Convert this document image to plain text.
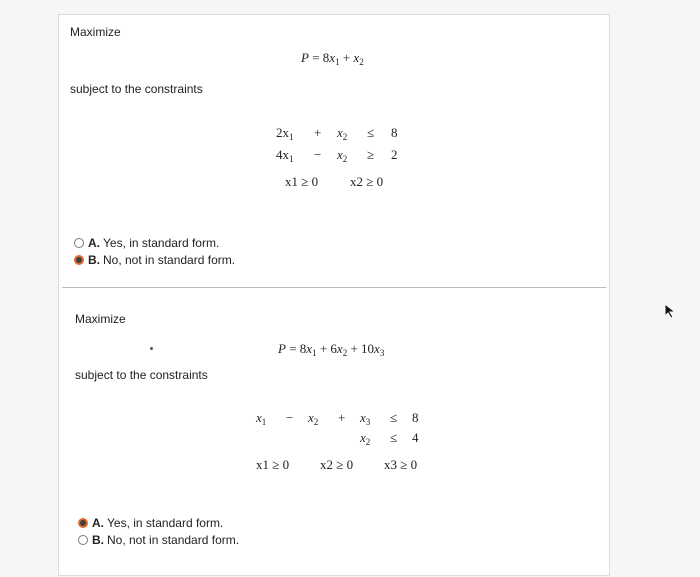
Maximize
$P = 8x_1 + x_2$
subject to the constraints
$2x_1 + x_2 \le 8$
$4x_1 - x_2 \ge 2$
x1 ≥ 0 x2 ≥ 0
A. Yes, in standard form.
B. No, not in standard form.
Maximize
$P = 8x_1 + 6x_2 + 10x_3$
subject to the constraints
$x_1 - x_2 + x_3 \le 8$
$x_2 \le 4$
x1 ≥ 0 x2 ≥ 0 x3 ≥ 0
A. Yes, in standard form.
B. No, not in standard form.
